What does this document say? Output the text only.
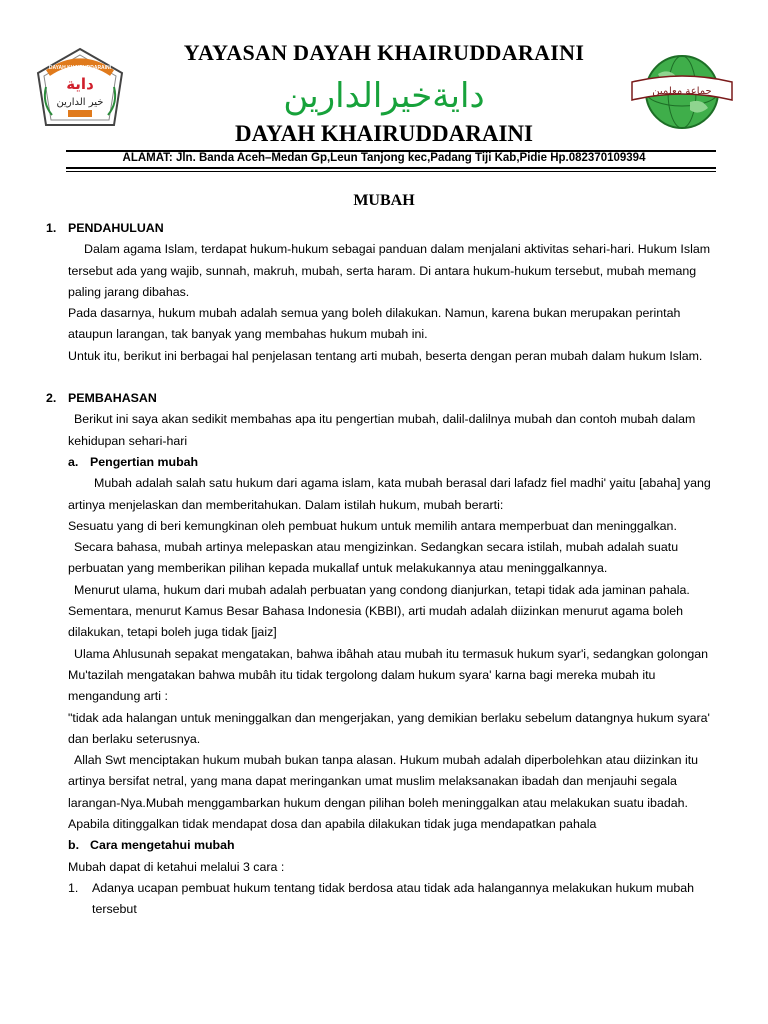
DAYAH KHAIRUDDARAINI
داية
خير الدارين
جماعة معلمين

YAYASAN DAYAH KHAIRUDDARAINI

دايةخيرالدارين

DAYAH KHAIRUDDARAINI

ALAMAT: Jln. Banda Aceh–Medan Gp,Leun Tanjong kec,Padang Tiji Kab,Pidie Hp.082370109394

MUBAH

1. PENDAHULUAN

Dalam agama Islam, terdapat hukum-hukum sebagai panduan dalam menjalani aktivitas sehari-hari. Hukum Islam tersebut ada yang wajib, sunnah, makruh, mubah, serta haram. Di antara hukum-hukum tersebut, mubah memang paling jarang dibahas.

Pada dasarnya, hukum mubah adalah semua yang boleh dilakukan. Namun, karena bukan merupakan perintah ataupun larangan, tak banyak yang membahas hukum mubah ini.

Untuk itu, berikut ini berbagai hal penjelasan tentang arti mubah, beserta dengan peran mubah dalam hukum Islam.

2. PEMBAHASAN

Berikut ini saya akan sedikit membahas apa itu pengertian mubah, dalil-dalilnya mubah dan contoh mubah dalam kehidupan sehari-hari

a. Pengertian mubah

Mubah adalah salah satu hukum dari agama islam, kata mubah berasal dari lafadz fiel madhi' yaitu [abaha] yang artinya menjelaskan dan memberitahukan. Dalam istilah hukum, mubah berarti:

Sesuatu yang di beri kemungkinan oleh pembuat hukum untuk memilih antara memperbuat dan meninggalkan.

Secara bahasa, mubah artinya melepaskan atau mengizinkan. Sedangkan secara istilah, mubah adalah suatu perbuatan yang memberikan pilihan kepada mukallaf untuk melakukannya atau meninggalkannya.

Menurut ulama, hukum dari mubah adalah perbuatan yang condong dianjurkan, tetapi tidak ada jaminan pahala. Sementara, menurut Kamus Besar Bahasa Indonesia (KBBI), arti mudah adalah diizinkan menurut agama boleh dilakukan, tetapi boleh juga tidak [jaiz]

Ulama Ahlusunah sepakat mengatakan, bahwa ibâhah atau mubah itu termasuk hukum syar'i, sedangkan golongan Mu'tazilah mengatakan bahwa mubâh itu tidak tergolong dalam hukum syara' karna bagi mereka mubah itu mengandung arti :

"tidak ada halangan untuk meninggalkan dan mengerjakan, yang demikian berlaku sebelum datangnya hukum syara' dan berlaku seterusnya.

Allah Swt menciptakan hukum mubah bukan tanpa alasan. Hukum mubah adalah diperbolehkan atau diizinkan itu artinya bersifat netral, yang mana dapat meringankan umat muslim melaksanakan ibadah dan menjauhi segala larangan-Nya.Mubah menggambarkan hukum dengan pilihan boleh meninggalkan atau melakukan suatu ibadah. Apabila ditinggalkan tidak mendapat dosa dan apabila dilakukan tidak juga mendapatkan pahala

b. Cara mengetahui mubah

Mubah dapat di ketahui melalui 3 cara :

1.	Adanya ucapan pembuat hukum tentang tidak berdosa atau tidak ada halangannya melakukan hukum mubah tersebut
